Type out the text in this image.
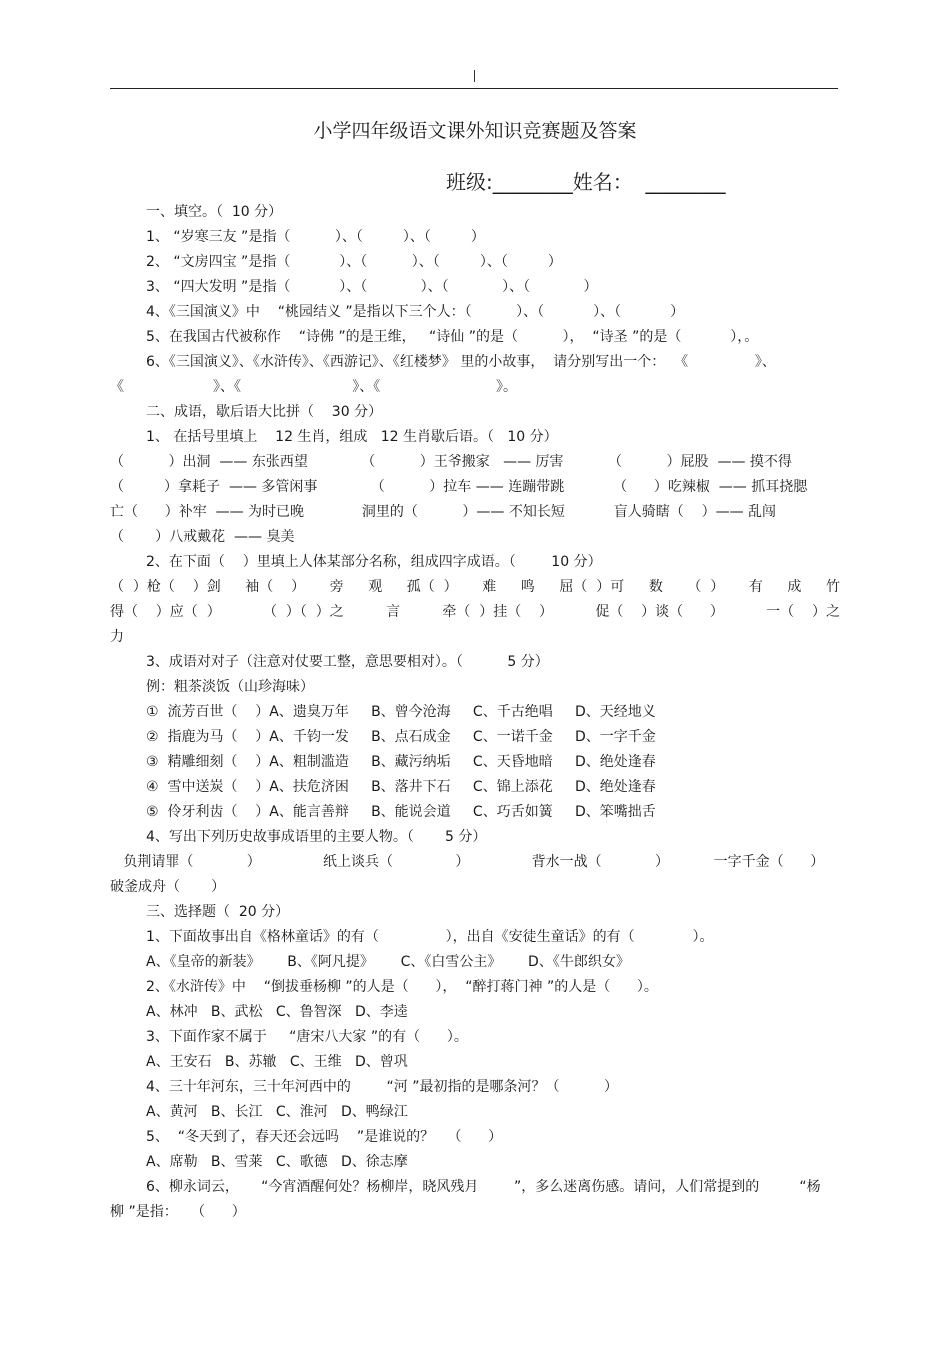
小学四年级语文课外知识竞赛题及答案
班级:________姓名：  ________
一、填空。（  10 分）
1、 “岁寒三友 ”是指（          ）、（         ）、（         ）
2、 “文房四宝 ”是指（           ）、（          ）、（         ）、（         ）
3、 “四大发明 ”是指（           ）、（            ）、（            ）、（            ）
4、《三国演义》中    “桃园结义 ”是指以下三个人：（          ）、（           ）、（           ）
5、在我国古代被称作    “诗佛 ”的是王维，   “诗仙 ”的是（          ），  “诗圣 ”的是（           ），。
6、《三国演义》、《水浒传》、《西游记》、《红楼梦》 里的小故事，  请分别写出一个：  《               》、
《                    》、《                         》、《                          》。
二、成语，歇后语大比拼（    30 分）
1、 在括号里填上    12 生肖，组成   12 生肖歇后语。（   10 分）
（          ）出洞  —— 东张西望            （          ）王爷搬家   —— 厉害          （          ）屁股  —— 摸不得
（         ）拿耗子  —— 多管闲事            （          ）拉车 —— 连蹦带跳           （      ）吃辣椒  —— 抓耳挠腮
亡（      ）补牢  —— 为时已晚             洞里的（          ）—— 不知长短           盲人骑瞎（    ）—— 乱闯
（       ）八戒戴花  —— 臭美
2、在下面（    ）里填上人体某部分名称，组成四字成语。（        10 分）
（  ）枪（    ）剑 袖（    ） 旁 观 孤（  ） 难 鸣 屈（  ）可 数 （  ） 有 成 竹
得（    ）应（  ）	（  ）（  ）之	言	牵（  ）挂（    ）	促（    ）谈（      ）	一（    ）之
力
3、成语对对子（注意对仗要工整，意思要相对）。（          5 分）
例：粗茶淡饭（山珍海味）
①  流芳百世（    ）A、遗臭万年     B、曾今沧海     C、千古绝唱     D、天经地义
②  指鹿为马（    ）A、千钧一发     B、点石成金     C、一诺千金     D、一字千金
③  精雕细刻（    ）A、粗制滥造     B、藏污纳垢     C、天昏地暗     D、绝处逢春
④  雪中送炭（    ）A、扶危济困     B、落井下石     C、锦上添花     D、绝处逢春
⑤  伶牙利齿（    ）A、能言善辩     B、能说会道     C、巧舌如簧     D、笨嘴拙舌
4、写出下列历史故事成语里的主要人物。（       5 分）
负荆请罪（            ）              纸上谈兵（              ）              背水一战（            ）          一字千金（      ）
破釜成舟（       ）
三、选择题（  20 分）
1、下面故事出自《格林童话》的有（               ），出自《安徒生童话》的有（             ）。
A、《皇帝的新装》      B、《阿凡提》      C、《白雪公主》      D、《牛郎织女》
2、《水浒传》中    “倒拔垂杨柳 ”的人是（      ），  “醉打蒋门神 ”的人是（      ）。
A、林冲   B、武松   C、鲁智深   D、李逵
3、下面作家不属于     “唐宋八大家 ”的有（      ）。
A、王安石   B、苏辙   C、王维   D、曾巩
4、三十年河东，三十年河西中的        “河 ”最初指的是哪条河？（          ）
A、黄河   B、长江   C、淮河   D、鸭绿江
5、  “冬天到了，春天还会远吗    ”是谁说的？   （      ）
A、席勒   B、雪莱   C、歌德   D、徐志摩
6、柳永词云，     “今宵酒醒何处？杨柳岸，晓风残月        ”，多么迷离伤感。请问，人们常提到的         “杨
柳 ”是指：   （      ）
